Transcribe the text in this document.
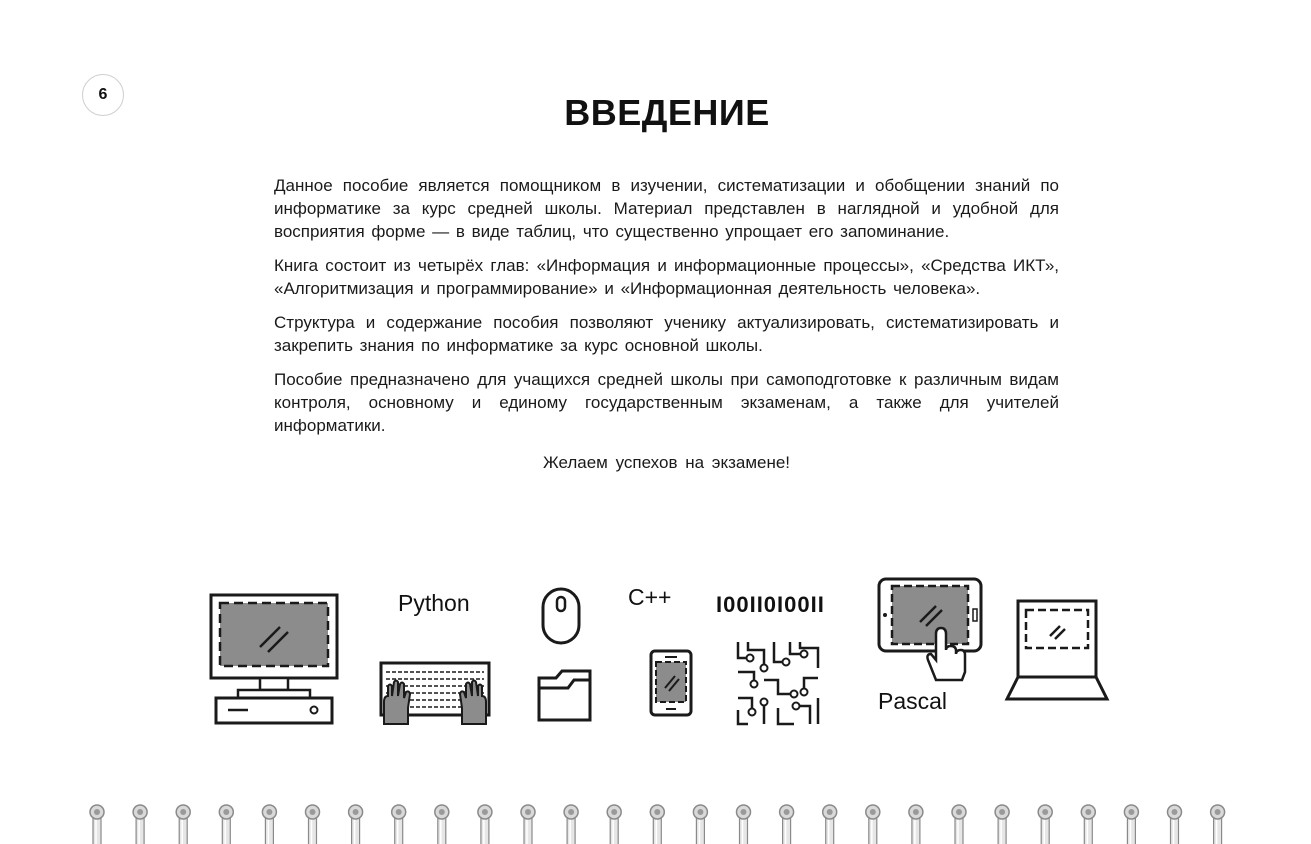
6	ВВЕДЕНИЕ

Данное пособие является помощником в изучении, систематизации и обобщении знаний по информатике за курс средней школы. Материал представлен в наглядной и удобной для восприятия форме — в виде таблиц, что существенно упрощает его запоминание.

Книга состоит из четырёх глав: «Информация и информационные процессы», «Средства ИКТ», «Алгоритмизация и программирование» и «Информационная деятельность человека».

Структура и содержание пособия позволяют ученику актуализировать, систематизировать и закрепить знания по информатике за курс основной школы.

Пособие предназначено для учащихся средней школы при самоподготовке к различным видам контроля, основному и единому государственным экзаменам, а также для учителей информатики.

Желаем успехов на экзамене!

Python	C++ I00II0I00II
Pascal
